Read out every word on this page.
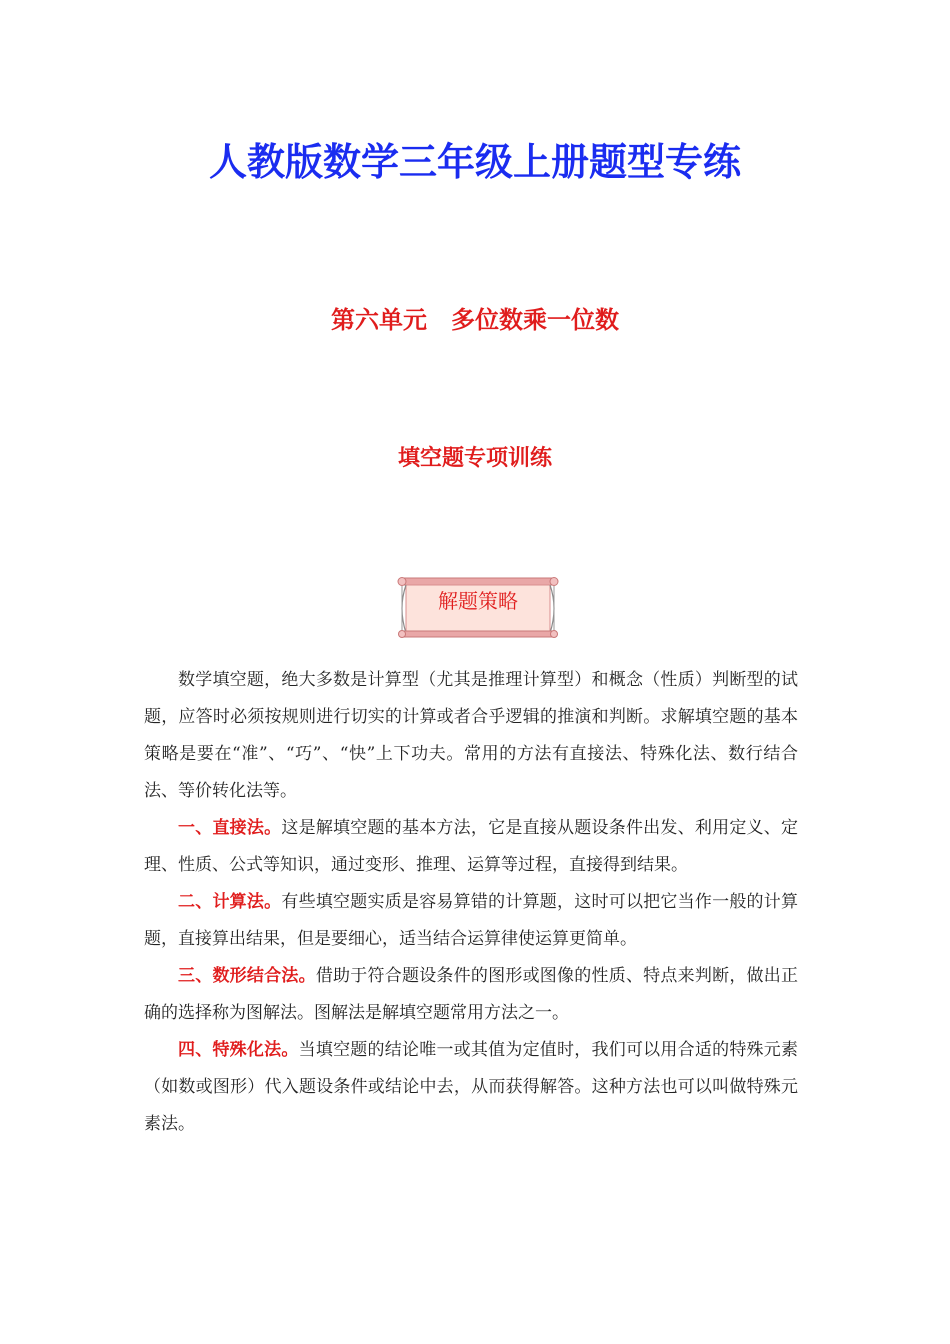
人教版数学三年级上册题型专练
第六单元　多位数乘一位数
填空题专项训练
解题策略

数学填空题，绝大多数是计算型（尤其是推理计算型）和概念（性质）判断型的试题，应答时必须按规则进行切实的计算或者合乎逻辑的推演和判断。求解填空题的基本策略是要在“准”、“巧”、“快”上下功夫。常用的方法有直接法、特殊化法、数行结合法、等价转化法等。

一、直接法。这是解填空题的基本方法，它是直接从题设条件出发、利用定义、定理、性质、公式等知识，通过变形、推理、运算等过程，直接得到结果。

二、计算法。有些填空题实质是容易算错的计算题，这时可以把它当作一般的计算题，直接算出结果，但是要细心，适当结合运算律使运算更简单。

三、数形结合法。借助于符合题设条件的图形或图像的性质、特点来判断，做出正确的选择称为图解法。图解法是解填空题常用方法之一。

四、特殊化法。当填空题的结论唯一或其值为定值时，我们可以用合适的特殊元素（如数或图形）代入题设条件或结论中去，从而获得解答。这种方法也可以叫做特殊元素法。
